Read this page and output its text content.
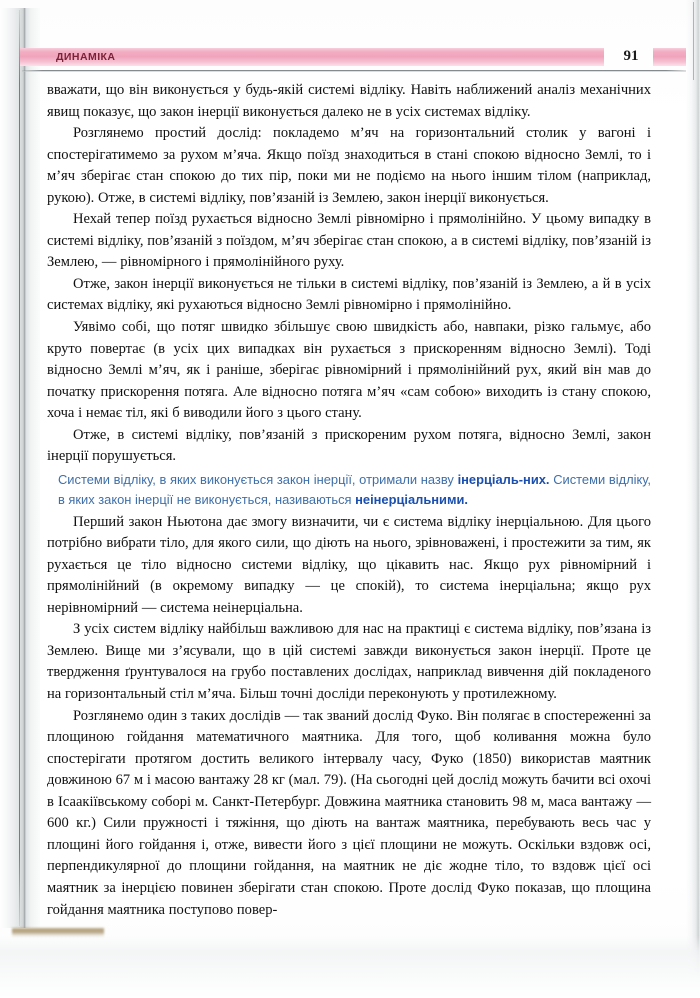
ДИНАМІКА	91

вважати, що він виконується у будь-якій системі відліку. Навіть наближений аналіз механічних явищ показує, що закон інерції виконується далеко не в усіх системах відліку.

Розглянемо простий дослід: покладемо м’яч на горизонтальний столик у вагоні і спостерігатимемо за рухом м’яча. Якщо поїзд знаходиться в стані спокою відносно Землі, то і м’яч зберігає стан спокою до тих пір, поки ми не подіємо на нього іншим тілом (наприклад, рукою). Отже, в системі відліку, пов’язаній із Землею, закон інерції виконується.

Нехай тепер поїзд рухається відносно Землі рівномірно і прямолінійно. У цьому випадку в системі відліку, пов’язаній з поїздом, м’яч зберігає стан спокою, а в системі відліку, пов’язаній із Землею, — рівномірного і прямолінійного руху.

Отже, закон інерції виконується не тільки в системі відліку, пов’язаній із Землею, а й в усіх системах відліку, які рухаються відносно Землі рівномірно і прямолінійно.

Уявімо собі, що потяг швидко збільшує свою швидкість або, навпаки, різко гальмує, або круто повертає (в усіх цих випадках він рухається з прискоренням відносно Землі). Тоді відносно Землі м’яч, як і раніше, зберігає рівномірний і прямолінійний рух, який він мав до початку прискорення потяга. Але відносно потяга м’яч «сам собою» виходить із стану спокою, хоча і немає тіл, які б виводили його з цього стану.

Отже, в системі відліку, пов’язаній з прискореним рухом потяга, відносно Землі, закон інерції порушується.

Системи відліку, в яких виконується закон інерції, отримали назву інерціаль-них. Системи відліку, в яких закон інерції не виконується, називаються неінерціальними.

Перший закон Ньютона дає змогу визначити, чи є система відліку інерціальною. Для цього потрібно вибрати тіло, для якого сили, що діють на нього, зрівноважені, і простежити за тим, як рухається це тіло відносно системи відліку, що цікавить нас. Якщо рух рівномірний і прямолінійний (в окремому випадку — це спокій), то система інерціальна; якщо рух нерівномірний — система неінерціальна.

З усіх систем відліку найбільш важливою для нас на практиці є система відліку, пов’язана із Землею. Вище ми з’ясували, що в цій системі завжди виконується закон інерції. Проте це твердження ґрунтувалося на грубо поставлених дослідах, наприклад вивчення дій покладеного на горизонтальный стіл м’яча. Більш точні досліди переконують у протилежному.

Розглянемо один з таких дослідів — так званий дослід Фуко. Він полягає в спостереженні за площиною гойдання математичного маятника. Для того, щоб коливання можна було спостерігати протягом достить великого інтервалу часу, Фуко (1850) використав маятник довжиною 67 м і масою вантажу 28 кг (мал. 79). (На сьогодні цей дослід можуть бачити всі охочі в Ісаакіївському соборі м. Санкт-Петербург. Довжина маятника становить 98 м, маса вантажу — 600 кг.) Сили пружності і тяжіння, що діють на вантаж маятника, перебувають весь час у площині його гойдання і, отже, вивести його з цієї площини не можуть. Оскільки вздовж осі, перпендикулярної до площини гойдання, на маятник не діє жодне тіло, то вздовж цієї осі маятник за інерцією повинен зберігати стан спокою. Проте дослід Фуко показав, що площина гойдання маятника поступово повер-
